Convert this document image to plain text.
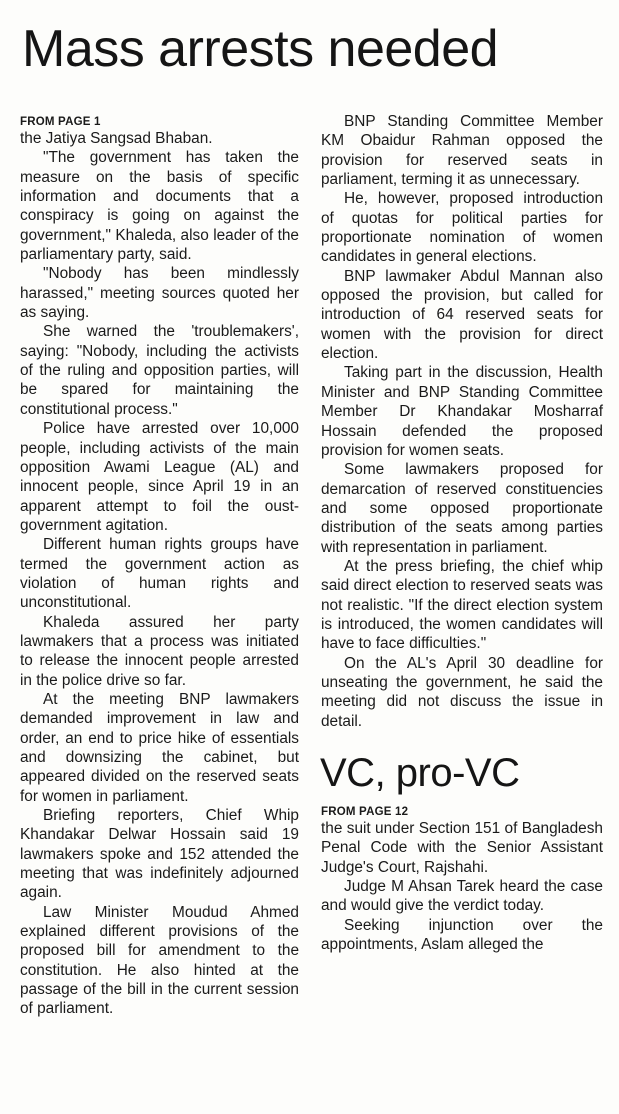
Mass arrests needed
FROM PAGE 1

the Jatiya Sangsad Bhaban.

"The government has taken the measure on the basis of specific information and documents that a conspiracy is going on against the government," Khaleda, also leader of the parliamentary party, said.

"Nobody has been mindlessly harassed," meeting sources quoted her as saying.

She warned the 'troublemakers', saying: "Nobody, including the activists of the ruling and opposition parties, will be spared for maintaining the constitutional process."

Police have arrested over 10,000 people, including activists of the main opposition Awami League (AL) and innocent people, since April 19 in an apparent attempt to foil the oust-government agitation.

Different human rights groups have termed the government action as violation of human rights and unconstitutional.

Khaleda assured her party lawmakers that a process was initiated to release the innocent people arrested in the police drive so far.

At the meeting BNP lawmakers demanded improvement in law and order, an end to price hike of essentials and downsizing the cabinet, but appeared divided on the reserved seats for women in parliament.

Briefing reporters, Chief Whip Khandakar Delwar Hossain said 19 lawmakers spoke and 152 attended the meeting that was indefinitely adjourned again.

Law Minister Moudud Ahmed explained different provisions of the proposed bill for amendment to the constitution. He also hinted at the passage of the bill in the current session of parliament.

BNP Standing Committee Member KM Obaidur Rahman opposed the provision for reserved seats in parliament, terming it as unnecessary.

He, however, proposed introduction of quotas for political parties for proportionate nomination of women candidates in general elections.

BNP lawmaker Abdul Mannan also opposed the provision, but called for introduction of 64 reserved seats for women with the provision for direct election.

Taking part in the discussion, Health Minister and BNP Standing Committee Member Dr Khandakar Mosharraf Hossain defended the proposed provision for women seats.

Some lawmakers proposed for demarcation of reserved constituencies and some opposed proportionate distribution of the seats among parties with representation in parliament.

At the press briefing, the chief whip said direct election to reserved seats was not realistic. "If the direct election system is introduced, the women candidates will have to face difficulties."

On the AL's April 30 deadline for unseating the government, he said the meeting did not discuss the issue in detail.

VC, pro-VC
FROM PAGE 12

the suit under Section 151 of Bangladesh Penal Code with the Senior Assistant Judge's Court, Rajshahi.

Judge M Ahsan Tarek heard the case and would give the verdict today.

Seeking injunction over the appointments, Aslam alleged the
